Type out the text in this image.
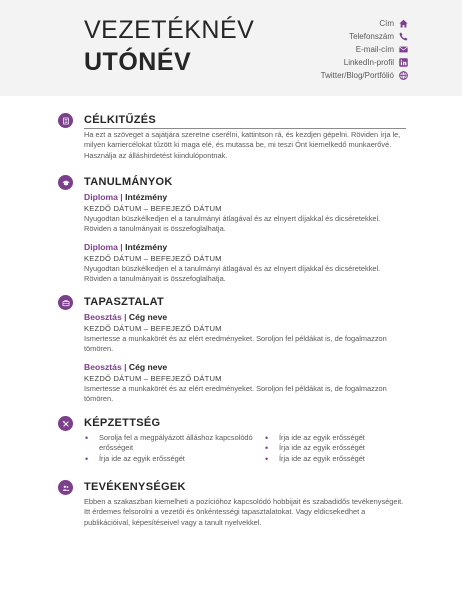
VEZETÉKNÉV
UTÓNÉV
Cím
Telefonszám
E-mail-cím
LinkedIn-profil
Twitter/Blog/Portfólió
CÉLKITŰZÉS
Ha ezt a szöveget a sajátjára szeretne cserélni, kattintson rá, és kezdjen gépelni. Röviden írja le, milyen karriercélokat tűzött ki maga elé, és mutassa be, mi teszi Önt kiemelkedő munkaerővé. Használja az álláshirdetést kiindulópontnak.
TANULMÁNYOK
Diploma | Intézmény
KEZDŐ DÁTUM – BEFEJEZŐ DÁTUM
Nyugodtan büszkélkedjen el a tanulmányi átlagával és az elnyert díjakkal és dicséretekkel. Röviden a tanulmányait is összefoglalhatja.
Diploma | Intézmény
KEZDŐ DÁTUM – BEFEJEZŐ DÁTUM
Nyugodtan büszkélkedjen el a tanulmányi átlagával és az elnyert díjakkal és dicséretekkel. Röviden a tanulmányait is összefoglalhatja.
TAPASZTALAT
Beosztás | Cég neve
KEZDŐ DÁTUM – BEFEJEZŐ DÁTUM
Ismertesse a munkakörét és az elért eredményeket. Soroljon fel példákat is, de fogalmazzon tömören.
Beosztás | Cég neve
KEZDŐ DÁTUM – BEFEJEZŐ DÁTUM
Ismertesse a munkakörét és az elért eredményeket. Soroljon fel példákat is, de fogalmazzon tömören.
KÉPZETTSÉG
• Sorolja fel a megpályázott álláshoz kapcsolódó erősségeit
• Írja ide az egyik erősségét
• Írja ide az egyik erősségét
• Írja ide az egyik erősségét
• Írja ide az egyik erősségét
TEVÉKENYSÉGEK
Ebben a szakaszban kiemelheti a pozícióhoz kapcsolódó hobbijait és szabadidős tevékenységeit. Itt érdemes felsorolni a vezetői és önkéntességi tapasztalatokat. Vagy eldicsekedhet a publikációival, képesítéseivel vagy a tanult nyelvekkel.
